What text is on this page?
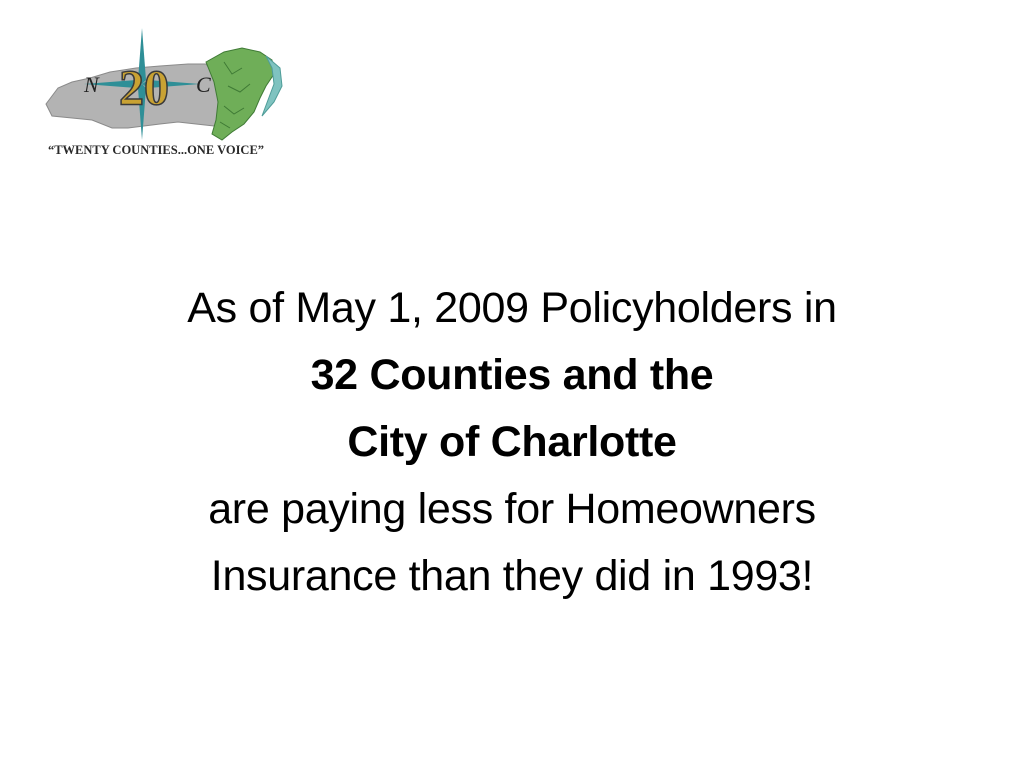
N 20 C
“TWENTY COUNTIES...ONE VOICE”
As of May 1, 2009 Policyholders in
32 Counties and the
City of Charlotte
are paying less for Homeowners
Insurance than they did in 1993!
